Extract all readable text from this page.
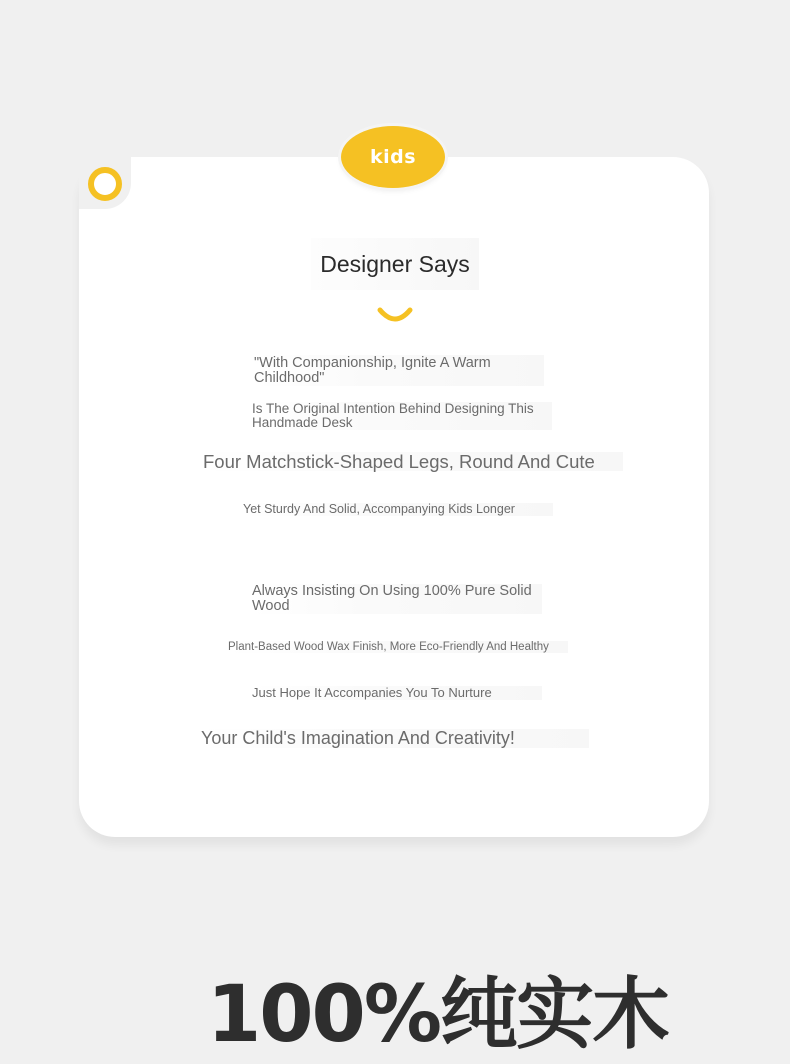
kids
Designer Says
"With Companionship, Ignite A Warm Childhood"
Is The Original Intention Behind Designing This Handmade Desk
Four Matchstick-Shaped Legs, Round And Cute
Yet Sturdy And Solid, Accompanying Kids Longer
Always Insisting On Using 100% Pure Solid Wood
Plant-Based Wood Wax Finish, More Eco-Friendly And Healthy
Just Hope It Accompanies You To Nurture
Your Child's Imagination And Creativity!
100%纯实木
